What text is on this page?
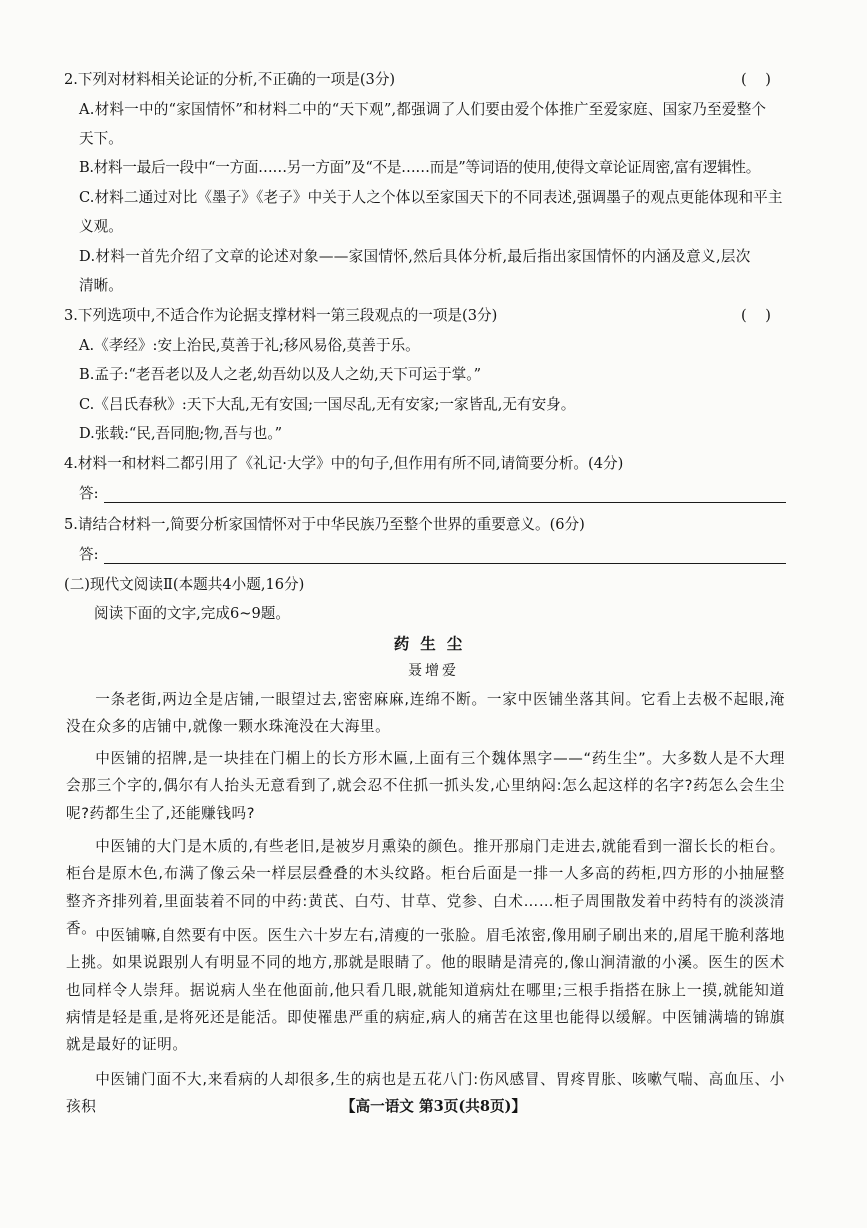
2.下列对材料相关论证的分析,不正确的一项是(3分)	(    )
A.材料一中的“家国情怀”和材料二中的“天下观”,都强调了人们要由爱个体推广至爱家庭、国家乃至爱整个
天下。
B.材料一最后一段中“一方面……另一方面”及“不是……而是”等词语的使用,使得文章论证周密,富有逻辑性。
C.材料二通过对比《墨子》《老子》中关于人之个体以至家国天下的不同表述,强调墨子的观点更能体现和平主
义观。
D.材料一首先介绍了文章的论述对象——家国情怀,然后具体分析,最后指出家国情怀的内涵及意义,层次
清晰。
3.下列选项中,不适合作为论据支撑材料一第三段观点的一项是(3分)	(    )
A.《孝经》:安上治民,莫善于礼;移风易俗,莫善于乐。
B.孟子:“老吾老以及人之老,幼吾幼以及人之幼,天下可运于掌。”
C.《吕氏春秋》:天下大乱,无有安国;一国尽乱,无有安家;一家皆乱,无有安身。
D.张载:“民,吾同胞;物,吾与也。”
4.材料一和材料二都引用了《礼记·大学》中的句子,但作用有所不同,请简要分析。(4分)
答:
5.请结合材料一,简要分析家国情怀对于中华民族乃至整个世界的重要意义。(6分)
答:
(二)现代文阅读Ⅱ(本题共4小题,16分)
阅读下面的文字,完成6~9题。
药生尘
聂增爱
一条老街,两边全是店铺,一眼望过去,密密麻麻,连绵不断。一家中医铺坐落其间。它看上去极不起眼,淹没在众多的店铺中,就像一颗水珠淹没在大海里。
中医铺的招牌,是一块挂在门楣上的长方形木匾,上面有三个魏体黑字——“药生尘”。大多数人是不大理会那三个字的,偶尔有人抬头无意看到了,就会忍不住抓一抓头发,心里纳闷:怎么起这样的名字?药怎么会生尘呢?药都生尘了,还能赚钱吗?
中医铺的大门是木质的,有些老旧,是被岁月熏染的颜色。推开那扇门走进去,就能看到一溜长长的柜台。柜台是原木色,布满了像云朵一样层层叠叠的木头纹路。柜台后面是一排一人多高的药柜,四方形的小抽屉整整齐齐排列着,里面装着不同的中药:黄芪、白芍、甘草、党参、白术……柜子周围散发着中药特有的淡淡清香。
中医铺嘛,自然要有中医。医生六十岁左右,清瘦的一张脸。眉毛浓密,像用刷子刷出来的,眉尾干脆利落地上挑。如果说跟别人有明显不同的地方,那就是眼睛了。他的眼睛是清亮的,像山涧清澈的小溪。医生的医术也同样令人崇拜。据说病人坐在他面前,他只看几眼,就能知道病灶在哪里;三根手指搭在脉上一摸,就能知道病情是轻是重,是将死还是能活。即使罹患严重的病症,病人的痛苦在这里也能得以缓解。中医铺满墙的锦旗就是最好的证明。
中医铺门面不大,来看病的人却很多,生的病也是五花八门:伤风感冒、胃疼胃胀、咳嗽气喘、高血压、小孩积	【高一语文 第3页(共8页)】
